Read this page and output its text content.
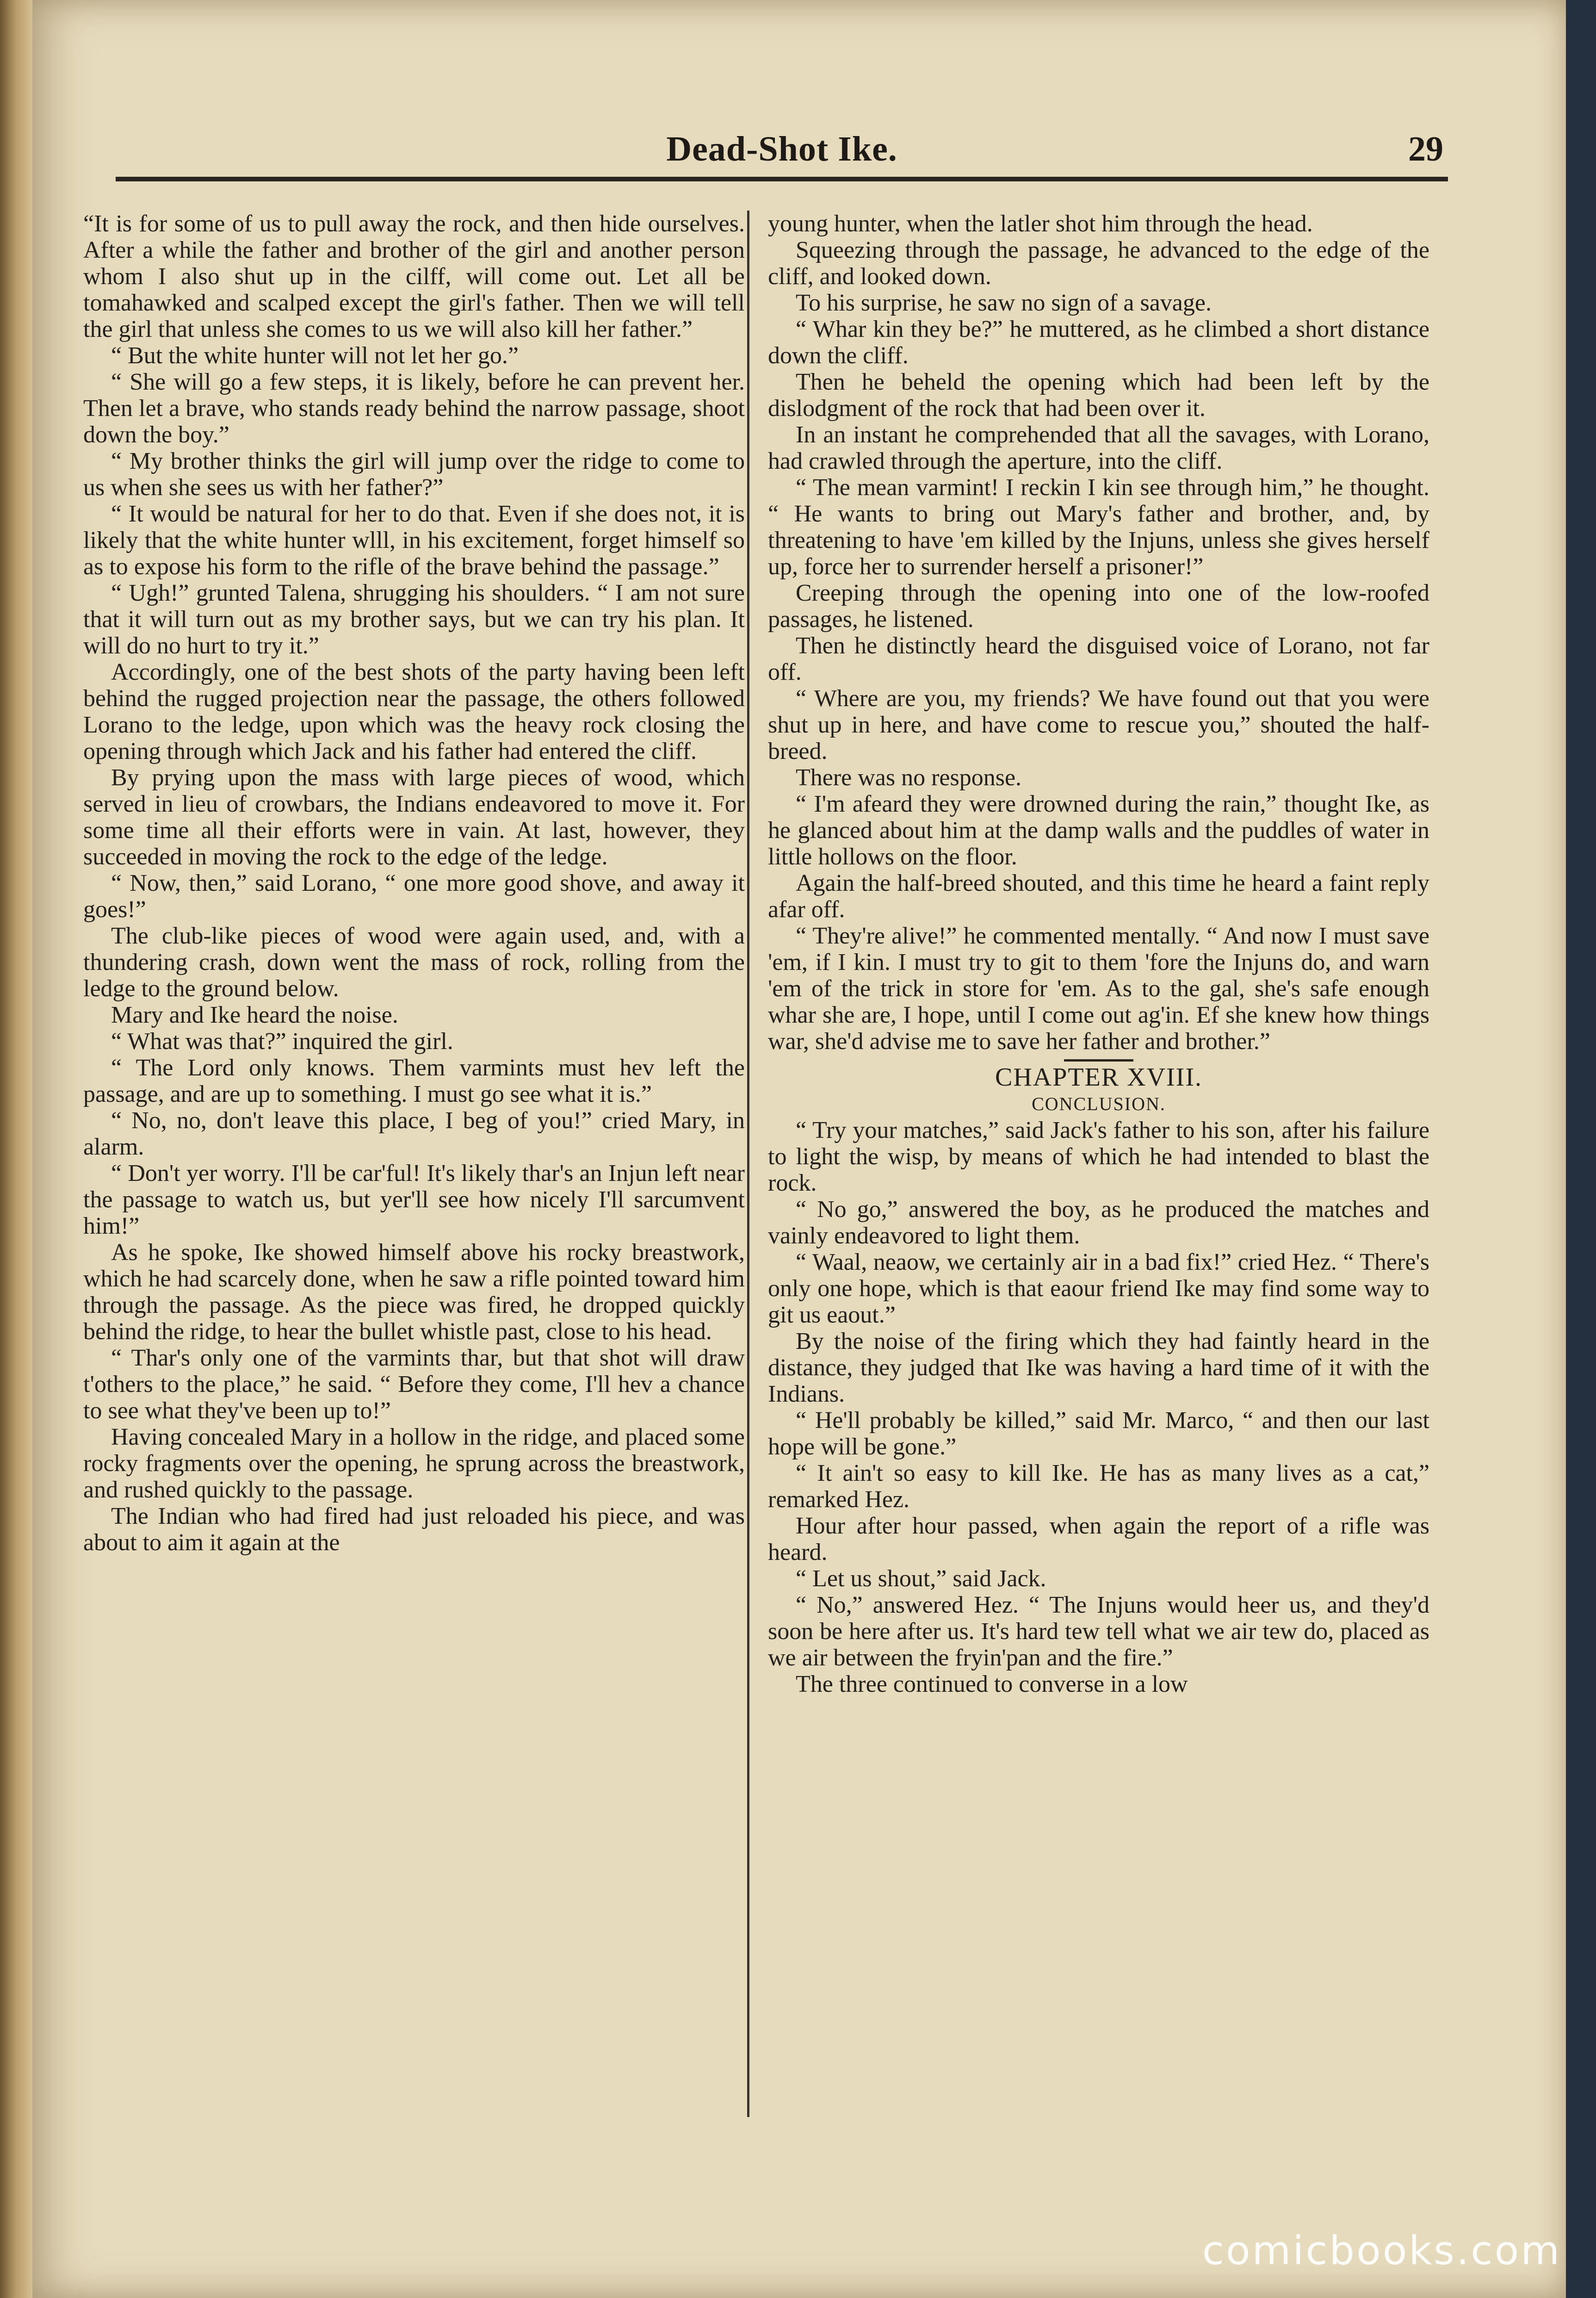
Dead-Shot Ike.	29

“It is for some of us to pull away the rock, and then hide ourselves. After a while the father and brother of the girl and another person whom I also shut up in the cilff, will come out. Let all be tomahawked and scalped except the girl's father. Then we will tell the girl that unless she comes to us we will also kill her father.”

“ But the white hunter will not let her go.”

“ She will go a few steps, it is likely, before he can prevent her. Then let a brave, who stands ready behind the narrow passage, shoot down the boy.”

“ My brother thinks the girl will jump over the ridge to come to us when she sees us with her father?”

“ It would be natural for her to do that. Even if she does not, it is likely that the white hunter wlll, in his excitement, forget himself so as to expose his form to the rifle of the brave behind the passage.”

“ Ugh!” grunted Talena, shrugging his shoulders. “ I am not sure that it will turn out as my brother says, but we can try his plan. It will do no hurt to try it.”

Accordingly, one of the best shots of the party having been left behind the rugged projection near the passage, the others followed Lorano to the ledge, upon which was the heavy rock closing the opening through which Jack and his father had entered the cliff.

By prying upon the mass with large pieces of wood, which served in lieu of crowbars, the Indians endeavored to move it. For some time all their efforts were in vain. At last, however, they succeeded in moving the rock to the edge of the ledge.

“ Now, then,” said Lorano, “ one more good shove, and away it goes!”

The club-like pieces of wood were again used, and, with a thundering crash, down went the mass of rock, rolling from the ledge to the ground below.

Mary and Ike heard the noise.

“ What was that?” inquired the girl.

“ The Lord only knows. Them varmints must hev left the passage, and are up to something. I must go see what it is.”

“ No, no, don't leave this place, I beg of you!” cried Mary, in alarm.

“ Don't yer worry. I'll be car'ful! It's likely thar's an Injun left near the passage to watch us, but yer'll see how nicely I'll sarcumvent him!”

As he spoke, Ike showed himself above his rocky breastwork, which he had scarcely done, when he saw a rifle pointed toward him through the passage. As the piece was fired, he dropped quickly behind the ridge, to hear the bullet whistle past, close to his head.

“ Thar's only one of the varmints thar, but that shot will draw t'others to the place,” he said. “ Before they come, I'll hev a chance to see what they've been up to!”

Having concealed Mary in a hollow in the ridge, and placed some rocky fragments over the opening, he sprung across the breastwork, and rushed quickly to the passage.

The Indian who had fired had just reloaded his piece, and was about to aim it again at the

young hunter, when the latler shot him through the head.

Squeezing through the passage, he advanced to the edge of the cliff, and looked down.

To his surprise, he saw no sign of a savage.

“ Whar kin they be?” he muttered, as he climbed a short distance down the cliff.

Then he beheld the opening which had been left by the dislodgment of the rock that had been over it.

In an instant he comprehended that all the savages, with Lorano, had crawled through the aperture, into the cliff.

“ The mean varmint! I reckin I kin see through him,” he thought. “ He wants to bring out Mary's father and brother, and, by threatening to have 'em killed by the Injuns, unless she gives herself up, force her to surrender herself a prisoner!”

Creeping through the opening into one of the low-roofed passages, he listened.

Then he distinctly heard the disguised voice of Lorano, not far off.

“ Where are you, my friends? We have found out that you were shut up in here, and have come to rescue you,” shouted the half-breed.

There was no response.

“ I'm afeard they were drowned during the rain,” thought Ike, as he glanced about him at the damp walls and the puddles of water in little hollows on the floor.

Again the half-breed shouted, and this time he heard a faint reply afar off.

“ They're alive!” he commented mentally. “ And now I must save 'em, if I kin. I must try to git to them 'fore the Injuns do, and warn 'em of the trick in store for 'em. As to the gal, she's safe enough whar she are, I hope, until I come out ag'in. Ef she knew how things war, she'd advise me to save her father and brother.”

CHAPTER XVIII.

CONCLUSION.

“ Try your matches,” said Jack's father to his son, after his failure to light the wisp, by means of which he had intended to blast the rock.

“ No go,” answered the boy, as he produced the matches and vainly endeavored to light them.

“ Waal, neaow, we certainly air in a bad fix!” cried Hez. “ There's only one hope, which is that eaour friend Ike may find some way to git us eaout.”

By the noise of the firing which they had faintly heard in the distance, they judged that Ike was having a hard time of it with the Indians.

“ He'll probably be killed,” said Mr. Marco, “ and then our last hope will be gone.”

“ It ain't so easy to kill Ike. He has as many lives as a cat,” remarked Hez.

Hour after hour passed, when again the report of a rifle was heard.

“ Let us shout,” said Jack.

“ No,” answered Hez. “ The Injuns would heer us, and they'd soon be here after us. It's hard tew tell what we air tew do, placed as we air between the fryin'pan and the fire.”

The three continued to converse in a low

comicbooks.com
